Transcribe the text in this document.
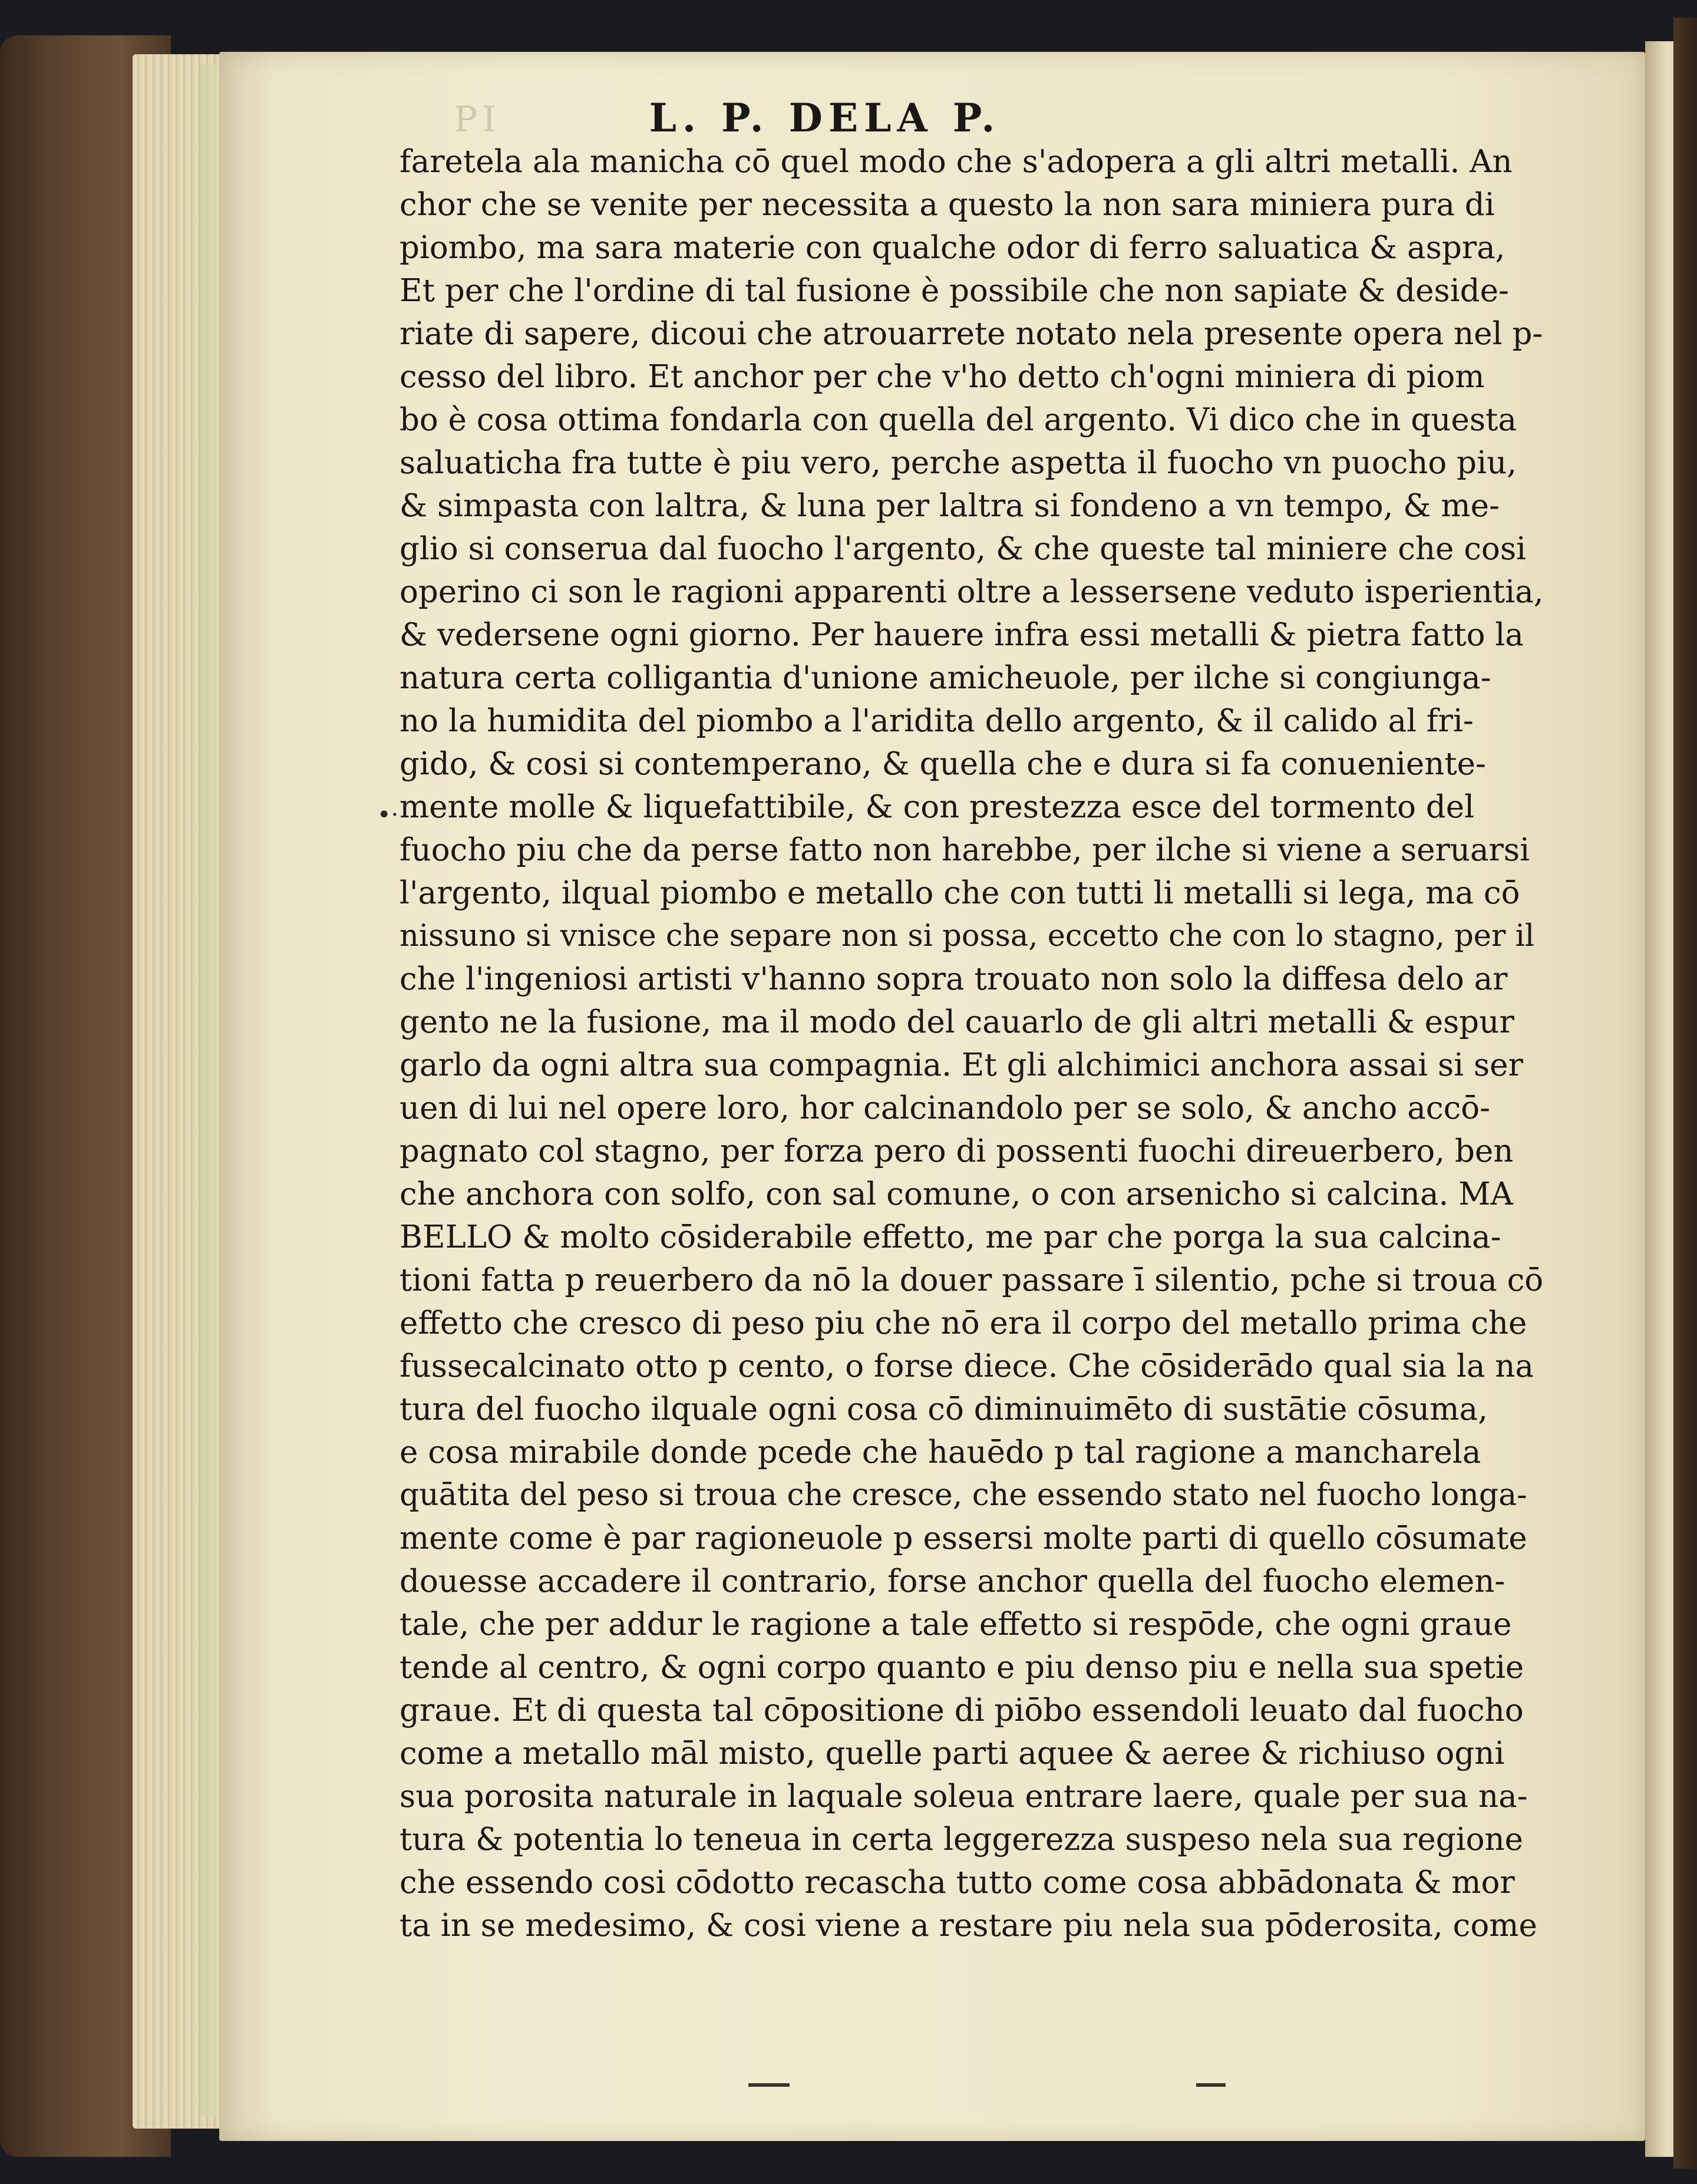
PI	L. P. DELA P.
•·
faretela ala manicha cō quel modo che s'adopera a gli altri metalli. An
chor che se venite per necessita a questo la non sara miniera pura di
piombo, ma sara materie con qualche odor di ferro saluatica & aspra,
Et per che l'ordine di tal fusione è possibile che non sapiate & deside-
riate di sapere, dicoui che atrouarrete notato nela presente opera nel p-
cesso del libro. Et anchor per che v'ho detto ch'ogni miniera di piom
bo è cosa ottima fondarla con quella del argento. Vi dico che in questa
saluaticha fra tutte è piu vero, perche aspetta il fuocho vn puocho piu,
& simpasta con laltra, & luna per laltra si fondeno a vn tempo, & me-
glio si conserua dal fuocho l'argento, & che queste tal miniere che cosi
operino ci son le ragioni apparenti oltre a lessersene veduto isperientia,
& vedersene ogni giorno. Per hauere infra essi metalli & pietra fatto la
natura certa colligantia d'unione amicheuole, per ilche si congiunga-
no la humidita del piombo a l'aridita dello argento, & il calido al fri-
gido, & cosi si contemperano, & quella che e dura si fa conueniente-
mente molle & liquefattibile, & con prestezza esce del tormento del
fuocho piu che da perse fatto non harebbe, per ilche si viene a seruarsi
l'argento, ilqual piombo e metallo che con tutti li metalli si lega, ma cō
nissuno si vnisce che separe non si possa, eccetto che con lo stagno, per il
che l'ingeniosi artisti v'hanno sopra trouato non solo la diffesa delo ar
gento ne la fusione, ma il modo del cauarlo de gli altri metalli & espur
garlo da ogni altra sua compagnia. Et gli alchimici anchora assai si ser
uen di lui nel opere loro, hor calcinandolo per se solo, & ancho accō-
pagnato col stagno, per forza pero di possenti fuochi direuerbero, ben
che anchora con solfo, con sal comune, o con arsenicho si calcina. MA
BELLO & molto cōsiderabile effetto, me par che porga la sua calcina-
tioni fatta p reuerbero da nō la douer passare ī silentio, pche si troua cō
effetto che cresco di peso piu che nō era il corpo del metallo prima che
fussecalcinato otto p cento, o forse diece. Che cōsiderādo qual sia la na
tura del fuocho ilquale ogni cosa cō diminuimēto di sustātie cōsuma,
e cosa mirabile donde pcede che hauēdo p tal ragione a mancharela
quātita del peso si troua che cresce, che essendo stato nel fuocho longa-
mente come è par ragioneuole p essersi molte parti di quello cōsumate
douesse accadere il contrario, forse anchor quella del fuocho elemen-
tale, che per addur le ragione a tale effetto si respōde, che ogni graue
tende al centro, & ogni corpo quanto e piu denso piu e nella sua spetie
graue. Et di questa tal cōpositione di piōbo essendoli leuato dal fuocho
come a metallo māl misto, quelle parti aquee & aeree & richiuso ogni
sua porosita naturale in laquale soleua entrare laere, quale per sua na-
tura & potentia lo teneua in certa leggerezza suspeso nela sua regione
che essendo cosi cōdotto recascha tutto come cosa abbādonata & mor
ta in se medesimo, & cosi viene a restare piu nela sua pōderosita, come
